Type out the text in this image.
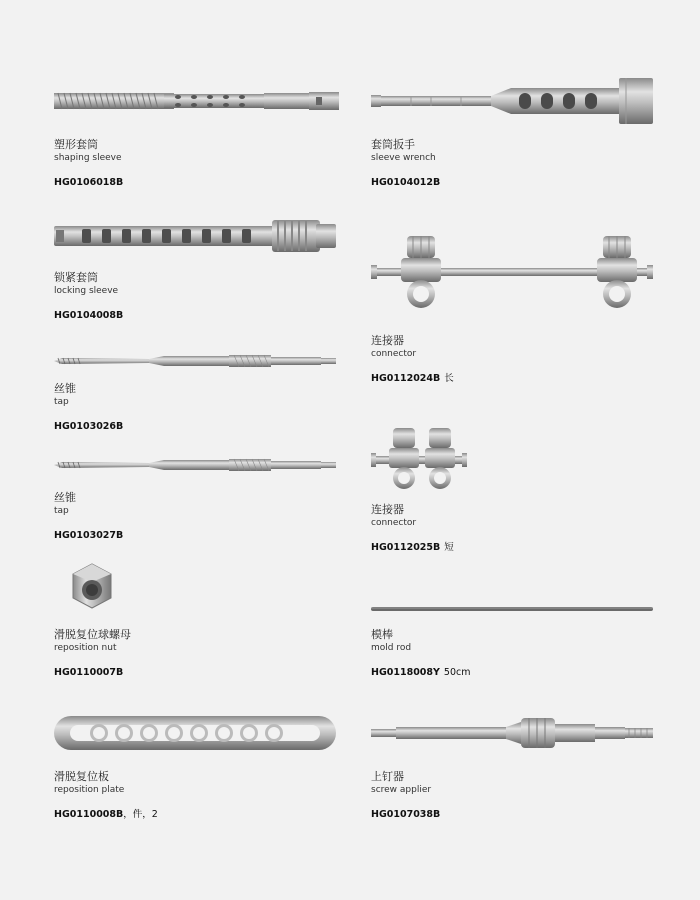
塑形套筒
shaping sleeve
HG0106018B
锁紧套筒
locking sleeve
HG0104008B
丝锥
tap
HG0103026B
丝锥
tap
HG0103027B
滑脱复位球螺母
reposition nut
HG0110007B
滑脱复位板
reposition plate
HG0110008B，件，2
套筒扳手
sleeve wrench
HG0104012B
连接器
connector
HG0112024B 长
连接器
connector
HG0112025B 短
模棒
mold rod
HG0118008Y 50cm
上钉器
screw applier
HG0107038B
